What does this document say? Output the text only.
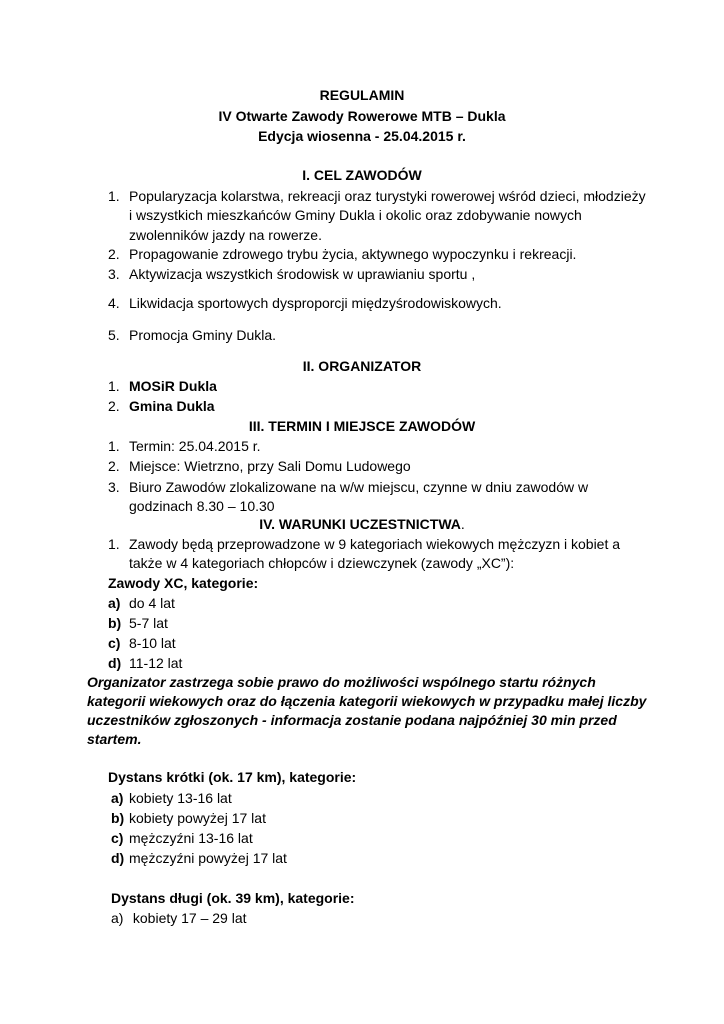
REGULAMIN
IV Otwarte Zawody Rowerowe MTB – Dukla
Edycja wiosenna - 25.04.2015 r.
I. CEL ZAWODÓW
1. Popularyzacja kolarstwa, rekreacji oraz turystyki rowerowej wśród dzieci, młodzieży
i wszystkich mieszkańców Gminy Dukla i okolic oraz zdobywanie nowych
zwolenników jazdy na rowerze.
2. Propagowanie zdrowego trybu życia, aktywnego wypoczynku i rekreacji.
3. Aktywizacja wszystkich środowisk w uprawianiu sportu ,
4. Likwidacja sportowych dysproporcji międzyśrodowiskowych.
5. Promocja Gminy Dukla.
II. ORGANIZATOR
1. MOSiR Dukla
2. Gmina Dukla
III. TERMIN I MIEJSCE ZAWODÓW
1. Termin: 25.04.2015 r.
2. Miejsce: Wietrzno, przy Sali Domu Ludowego
3. Biuro Zawodów zlokalizowane na w/w miejscu, czynne w dniu zawodów w
godzinach 8.30 – 10.30
IV. WARUNKI UCZESTNICTWA.
1. Zawody będą przeprowadzone w 9 kategoriach wiekowych mężczyzn i kobiet a
także w 4 kategoriach chłopców i dziewczynek (zawody „XC”):
Zawody XC, kategorie:
a) do 4 lat
b) 5-7 lat
c) 8-10 lat
d) 11-12 lat
Organizator zastrzega sobie prawo do możliwości wspólnego startu różnych
kategorii wiekowych oraz do łączenia kategorii wiekowych w przypadku małej liczby
uczestników zgłoszonych - informacja zostanie podana najpóźniej 30 min przed
startem.
Dystans krótki (ok. 17 km), kategorie:
a) kobiety 13-16 lat
b) kobiety powyżej 17 lat
c) mężczyźni 13-16 lat
d) mężczyźni powyżej 17 lat
Dystans długi (ok. 39 km), kategorie:
a) kobiety 17 – 29 lat
